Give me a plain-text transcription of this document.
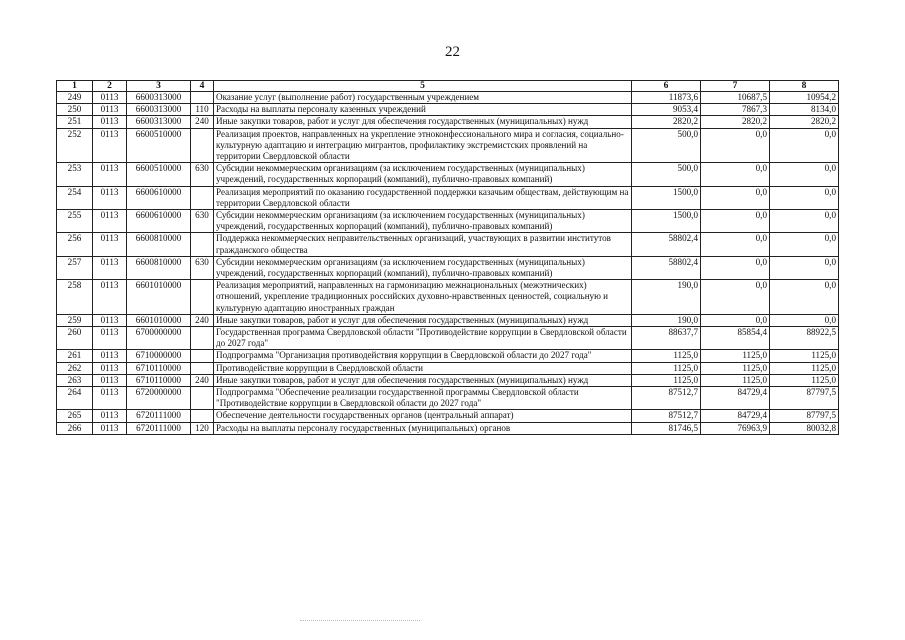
22
1	2	3	4	5	6	7	8
249	0113	6600313000		Оказание услуг (выполнение работ) государственным учреждением	11873,6	10687,5	10954,2
250	0113	6600313000	110	Расходы на выплаты персоналу казенных учреждений	9053,4	7867,3	8134,0
251	0113	6600313000	240	Иные закупки товаров, работ и услуг для обеспечения государственных (муниципальных) нужд	2820,2	2820,2	2820,2
252	0113	6600510000		Реализация проектов, направленных на укрепление этноконфессионального мира и согласия, социально-культурную адаптацию и интеграцию мигрантов, профилактику экстремистских проявлений на территории Свердловской области	500,0	0,0	0,0
253	0113	6600510000	630	Субсидии некоммерческим организациям (за исключением государственных (муниципальных) учреждений, государственных корпораций (компаний), публично-правовых компаний)	500,0	0,0	0,0
254	0113	6600610000		Реализация мероприятий по оказанию государственной поддержки казачьим обществам, действующим на территории Свердловской области	1500,0	0,0	0,0
255	0113	6600610000	630	Субсидии некоммерческим организациям (за исключением государственных (муниципальных) учреждений, государственных корпораций (компаний), публично-правовых компаний)	1500,0	0,0	0,0
256	0113	6600810000		Поддержка некоммерческих неправительственных организаций, участвующих в развитии институтов гражданского общества	58802,4	0,0	0,0
257	0113	6600810000	630	Субсидии некоммерческим организациям (за исключением государственных (муниципальных) учреждений, государственных корпораций (компаний), публично-правовых компаний)	58802,4	0,0	0,0
258	0113	6601010000		Реализация мероприятий, направленных на гармонизацию межнациональных (межэтнических) отношений, укрепление традиционных российских духовно-нравственных ценностей, социальную и культурную адаптацию иностранных граждан	190,0	0,0	0,0
259	0113	6601010000	240	Иные закупки товаров, работ и услуг для обеспечения государственных (муниципальных) нужд	190,0	0,0	0,0
260	0113	6700000000		Государственная программа Свердловской области "Противодействие коррупции в Свердловской области до 2027 года"	88637,7	85854,4	88922,5
261	0113	6710000000		Подпрограмма "Организация противодействия коррупции в Свердловской области до 2027 года"	1125,0	1125,0	1125,0
262	0113	6710110000		Противодействие коррупции в Свердловской области	1125,0	1125,0	1125,0
263	0113	6710110000	240	Иные закупки товаров, работ и услуг для обеспечения государственных (муниципальных) нужд	1125,0	1125,0	1125,0
264	0113	6720000000		Подпрограмма "Обеспечение реализации государственной программы Свердловской области "Противодействие коррупции в Свердловской области до 2027 года"	87512,7	84729,4	87797,5
265	0113	6720111000		Обеспечение деятельности государственных органов (центральный аппарат)	87512,7	84729,4	87797,5
266	0113	6720111000	120	Расходы на выплаты персоналу государственных (муниципальных) органов	81746,5	76963,9	80032,8
